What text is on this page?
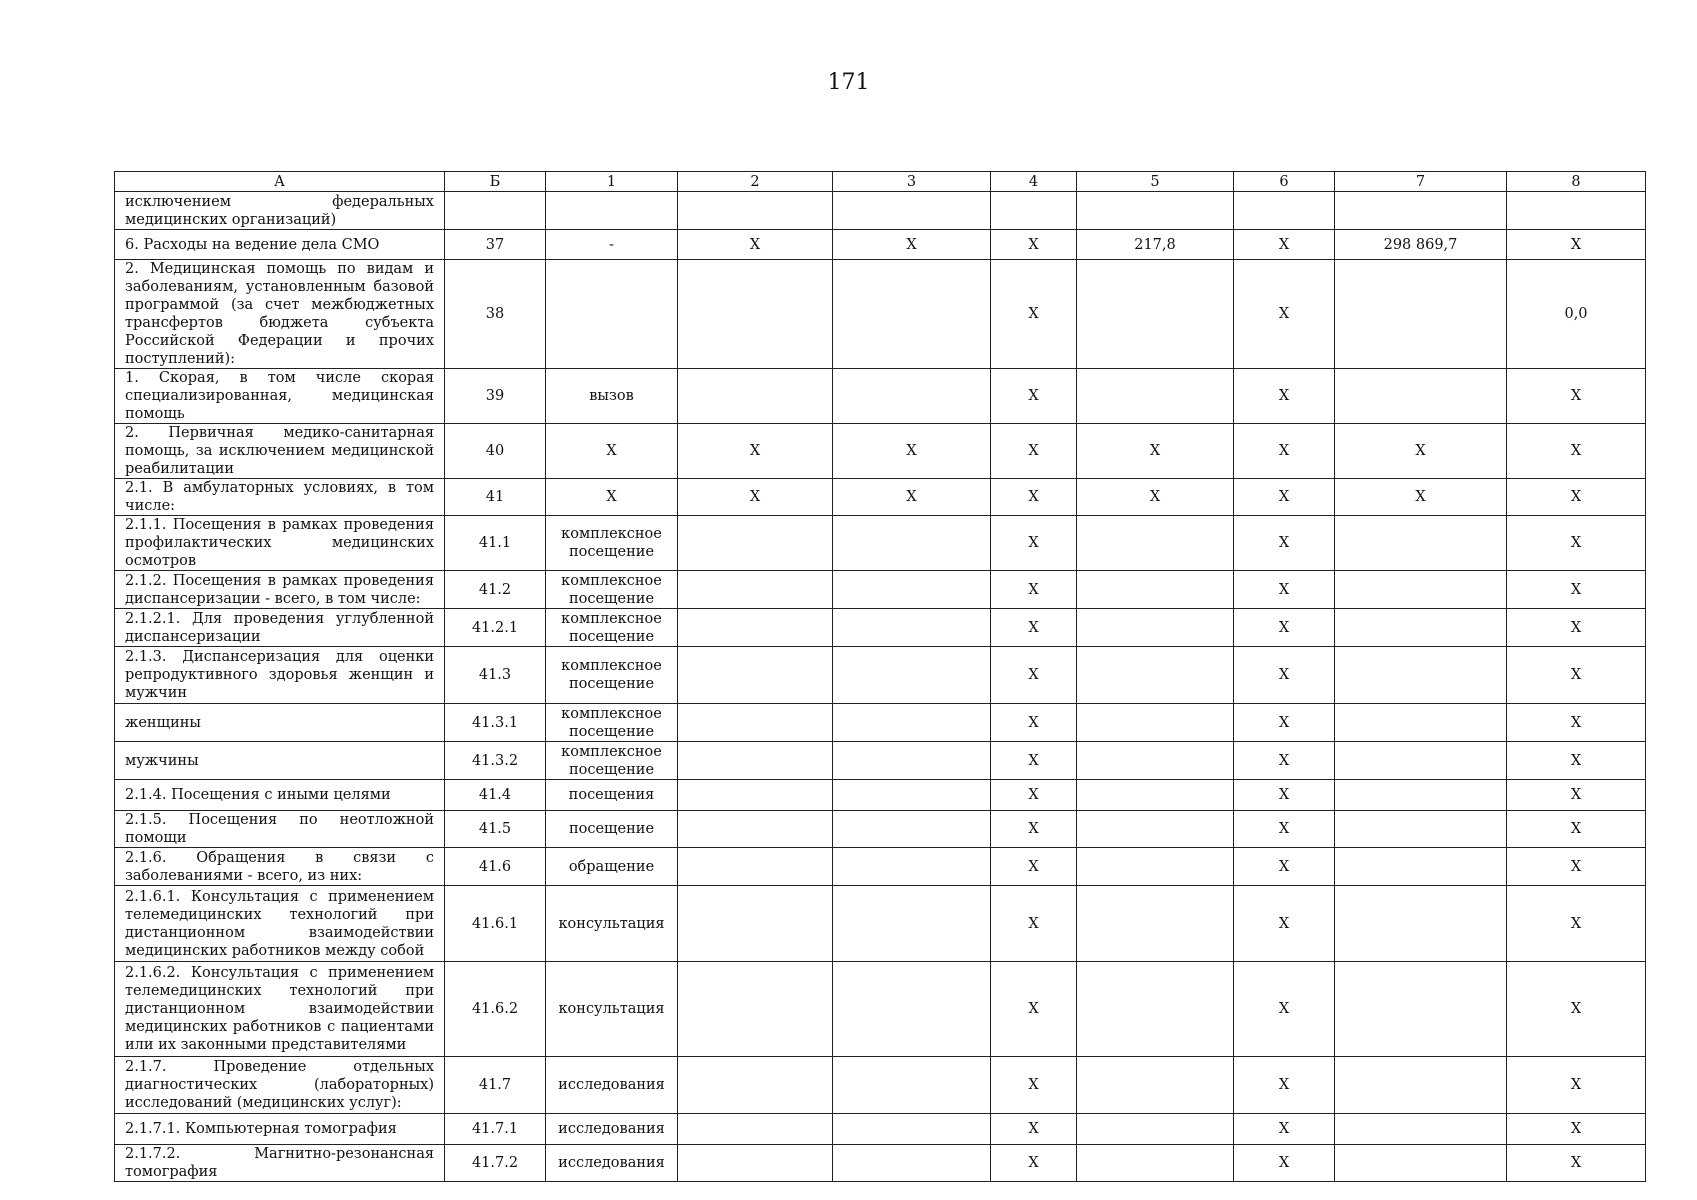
171
А	Б	1	2	3	4	5	6	7	8
исключением федеральных медицинских организаций)									
6. Расходы на ведение дела СМО	37	-	X	X	X	217,8	X	298 869,7	X
2. Медицинская помощь по видам и заболеваниям, установленным базовой программой (за счет межбюджетных трансфертов бюджета субъекта Российской Федерации и прочих поступлений):	38				X		X		0,0
1. Скорая, в том числе скорая специализированная, медицинская помощь	39	вызов			X		X		X
2. Первичная медико-санитарная помощь, за исключением медицинской реабилитации	40	X	X	X	X	X	X	X	X
2.1. В амбулаторных условиях, в том числе:	41	X	X	X	X	X	X	X	X
2.1.1. Посещения в рамках проведения профилактических медицинских осмотров	41.1	комплексное посещение			X		X		X
2.1.2. Посещения в рамках проведения диспансеризации - всего, в том числе:	41.2	комплексное посещение			X		X		X
2.1.2.1. Для проведения углубленной диспансеризации	41.2.1	комплексное посещение			X		X		X
2.1.3. Диспансеризация для оценки репродуктивного здоровья женщин и мужчин	41.3	комплексное посещение			X		X		X
женщины	41.3.1	комплексное посещение			X		X		X
мужчины	41.3.2	комплексное посещение			X		X		X
2.1.4. Посещения с иными целями	41.4	посещения			X		X		X
2.1.5. Посещения по неотложной помощи	41.5	посещение			X		X		X
2.1.6. Обращения в связи с заболеваниями - всего, из них:	41.6	обращение			X		X		X
2.1.6.1. Консультация с применением телемедицинских технологий при дистанционном взаимодействии медицинских работников между собой	41.6.1	консультация			X		X		X
2.1.6.2. Консультация с применением телемедицинских технологий при дистанционном взаимодействии медицинских работников с пациентами или их законными представителями	41.6.2	консультация			X		X		X
2.1.7. Проведение отдельных диагностических (лабораторных) исследований (медицинских услуг):	41.7	исследования			X		X		X
2.1.7.1. Компьютерная томография	41.7.1	исследования			X		X		X
2.1.7.2. Магнитно-резонансная томография	41.7.2	исследования			X		X		X
